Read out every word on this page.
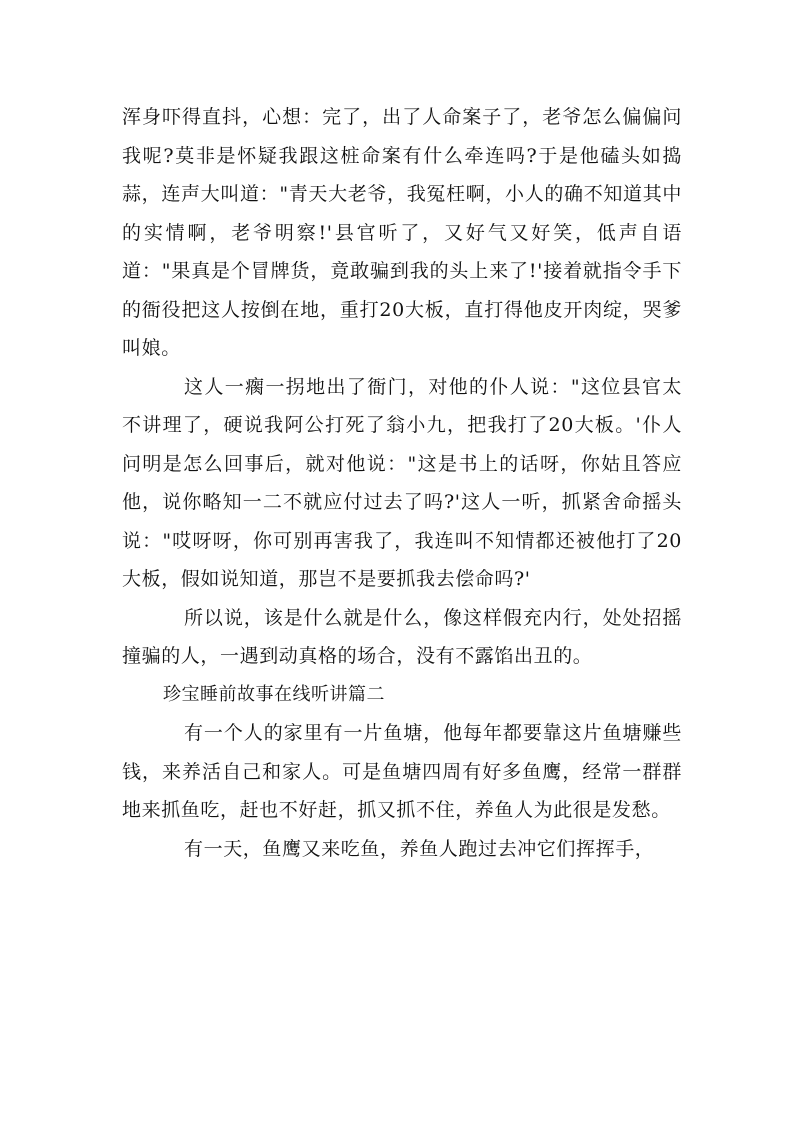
浑身吓得直抖，心想：完了，出了人命案子了，老爷怎么偏偏问我呢?莫非是怀疑我跟这桩命案有什么牵连吗?于是他磕头如捣蒜，连声大叫道："青天大老爷，我冤枉啊，小人的确不知道其中的实情啊，老爷明察!'县官听了，又好气又好笑，低声自语道："果真是个冒牌货，竟敢骗到我的头上来了!'接着就指令手下的衙役把这人按倒在地，重打20大板，直打得他皮开肉绽，哭爹叫娘。

这人一瘸一拐地出了衙门，对他的仆人说："这位县官太不讲理了，硬说我阿公打死了翁小九，把我打了20大板。'仆人问明是怎么回事后，就对他说："这是书上的话呀，你姑且答应他，说你略知一二不就应付过去了吗?'这人一听，抓紧舍命摇头说："哎呀呀，你可别再害我了，我连叫不知情都还被他打了20大板，假如说知道，那岂不是要抓我去偿命吗?'

所以说，该是什么就是什么，像这样假充内行，处处招摇撞骗的人，一遇到动真格的场合，没有不露馅出丑的。

珍宝睡前故事在线听讲篇二

有一个人的家里有一片鱼塘，他每年都要靠这片鱼塘赚些钱，来养活自己和家人。可是鱼塘四周有好多鱼鹰，经常一群群地来抓鱼吃，赶也不好赶，抓又抓不住，养鱼人为此很是发愁。

有一天，鱼鹰又来吃鱼，养鱼人跑过去冲它们挥挥手，
